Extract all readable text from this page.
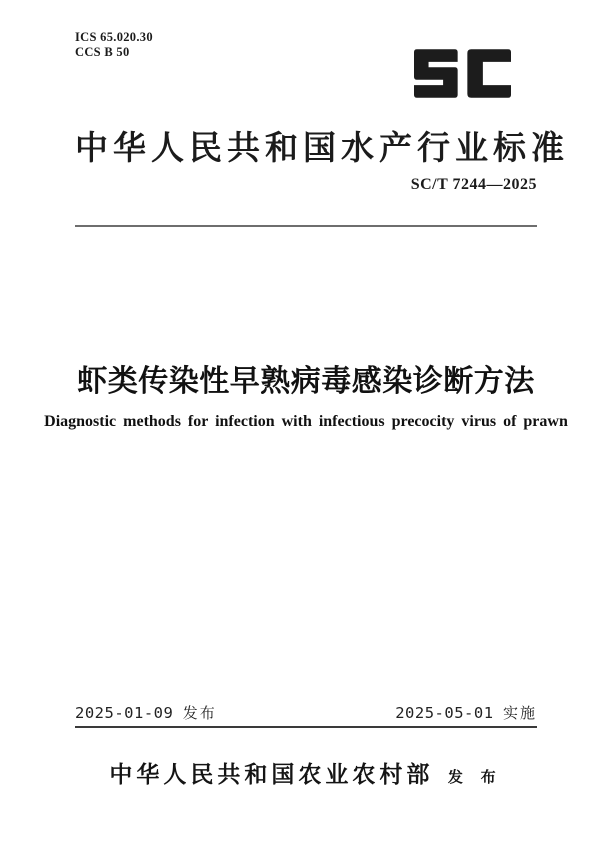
ICS 65.020.30
CCS B 50
中华人民共和国水产行业标准
SC/T 7244—2025
虾类传染性早熟病毒感染诊断方法
Diagnostic methods for infection with infectious precocity virus of prawn
2025-01-09 发布	2025-05-01 实施
中华人民共和国农业农村部 发 布
